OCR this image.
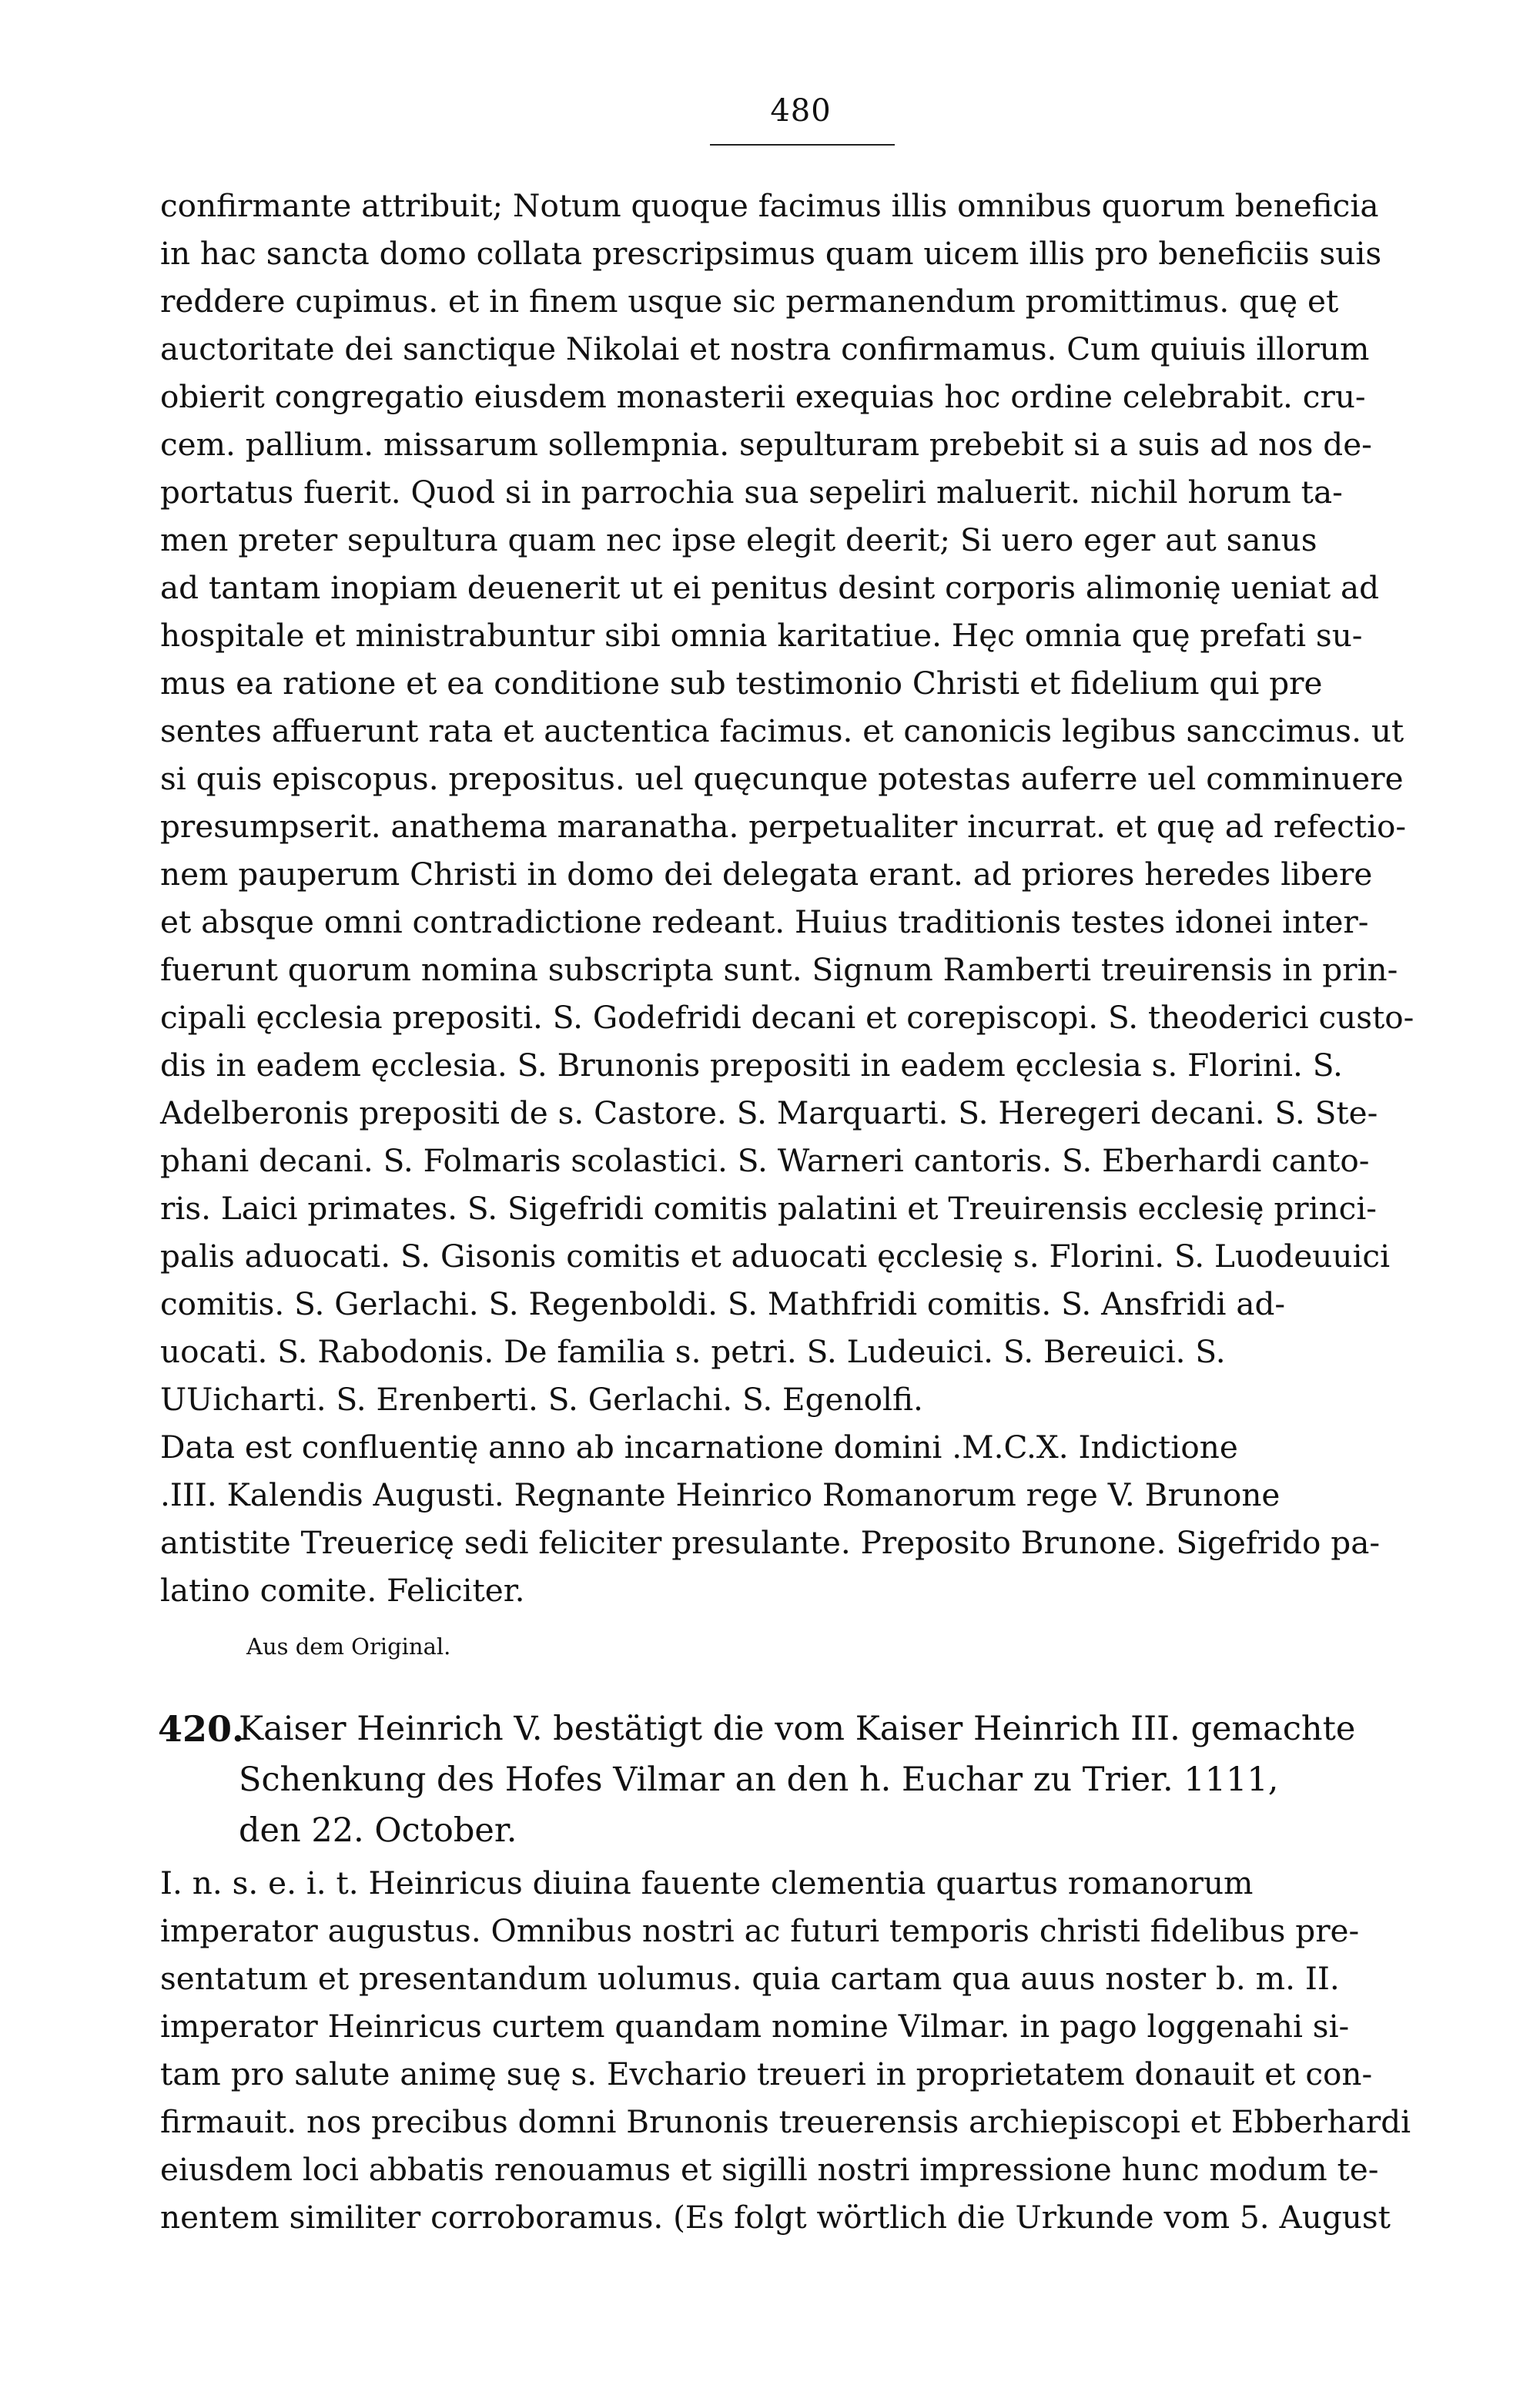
480
confirmante attribuit; Notum quoque facimus illis omnibus quorum beneficia
in hac sancta domo collata prescripsimus quam uicem illis pro beneficiis suis
reddere cupimus. et in finem usque sic permanendum promittimus. quę et
auctoritate dei sanctique Nikolai et nostra confirmamus. Cum quiuis illorum
obierit congregatio eiusdem monasterii exequias hoc ordine celebrabit. cru-
cem. pallium. missarum sollempnia. sepulturam prebebit si a suis ad nos de-
portatus fuerit. Quod si in parrochia sua sepeliri maluerit. nichil horum ta-
men preter sepultura quam nec ipse elegit deerit; Si uero eger aut sanus
ad tantam inopiam deuenerit ut ei penitus desint corporis alimonię ueniat ad
hospitale et ministrabuntur sibi omnia karitatiue. Hęc omnia quę prefati su-
mus ea ratione et ea conditione sub testimonio Christi et fidelium qui pre
sentes affuerunt rata et auctentica facimus. et canonicis legibus sanccimus. ut
si quis episcopus. prepositus. uel quęcunque potestas auferre uel comminuere
presumpserit. anathema maranatha. perpetualiter incurrat. et quę ad refectio-
nem pauperum Christi in domo dei delegata erant. ad priores heredes libere
et absque omni contradictione redeant. Huius traditionis testes idonei inter-
fuerunt quorum nomina subscripta sunt. Signum Ramberti treuirensis in prin-
cipali ęcclesia prepositi. S. Godefridi decani et corepiscopi. S. theoderici custo-
dis in eadem ęcclesia. S. Brunonis prepositi in eadem ęcclesia s. Florini. S.
Adelberonis prepositi de s. Castore. S. Marquarti. S. Heregeri decani. S. Ste-
phani decani. S. Folmaris scolastici. S. Warneri cantoris. S. Eberhardi canto-
ris. Laici primates. S. Sigefridi comitis palatini et Treuirensis ecclesię princi-
palis aduocati. S. Gisonis comitis et aduocati ęcclesię s. Florini. S. Luodeuuici
comitis. S. Gerlachi. S. Regenboldi. S. Mathfridi comitis. S. Ansfridi ad-
uocati. S. Rabodonis. De familia s. petri. S. Ludeuici. S. Bereuici. S.
UUicharti. S. Erenberti. S. Gerlachi. S. Egenolfi.
Data est confluentię anno ab incarnatione domini .M.C.X. Indictione
.III. Kalendis Augusti. Regnante Heinrico Romanorum rege V. Brunone
antistite Treuericę sedi feliciter presulante. Preposito Brunone. Sigefrido pa-
latino comite. Feliciter.
Aus dem Original.
420.
Kaiser Heinrich V. bestätigt die vom Kaiser Heinrich III. gemachte
Schenkung des Hofes Vilmar an den h. Euchar zu Trier. 1111,
den 22. October.
I. n. s. e. i. t. Heinricus diuina fauente clementia quartus romanorum
imperator augustus. Omnibus nostri ac futuri temporis christi fidelibus pre-
sentatum et presentandum uolumus. quia cartam qua auus noster b. m. II.
imperator Heinricus curtem quandam nomine Vilmar. in pago loggenahi si-
tam pro salute animę suę s. Evchario treueri in proprietatem donauit et con-
firmauit. nos precibus domni Brunonis treuerensis archiepiscopi et Ebberhardi
eiusdem loci abbatis renouamus et sigilli nostri impressione hunc modum te-
nentem similiter corroboramus. (Es folgt wörtlich die Urkunde vom 5. August
